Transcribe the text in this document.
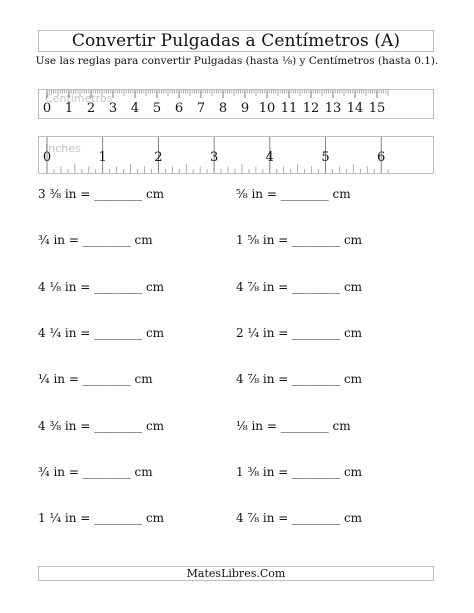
Convertir Pulgadas a Centímetros (A)
Use las reglas para convertir Pulgadas (hasta ⅛) y Centímetros (hasta 0.1).
Centímetros
0 1 2 3 4 5 6 7 8 9 10 11 12 13 14 15
Inches
0	1	2	3	4	5	6
3 ⅜ in = ________ cm	⅝ in = ________ cm
¾ in = ________ cm	1 ⅝ in = ________ cm
4 ⅛ in = ________ cm	4 ⅞ in = ________ cm
4 ¼ in = ________ cm	2 ¼ in = ________ cm
¼ in = ________ cm	4 ⅞ in = ________ cm
4 ⅜ in = ________ cm	⅛ in = ________ cm
¾ in = ________ cm	1 ⅜ in = ________ cm
1 ¼ in = ________ cm	4 ⅞ in = ________ cm
MatesLibres.Com
